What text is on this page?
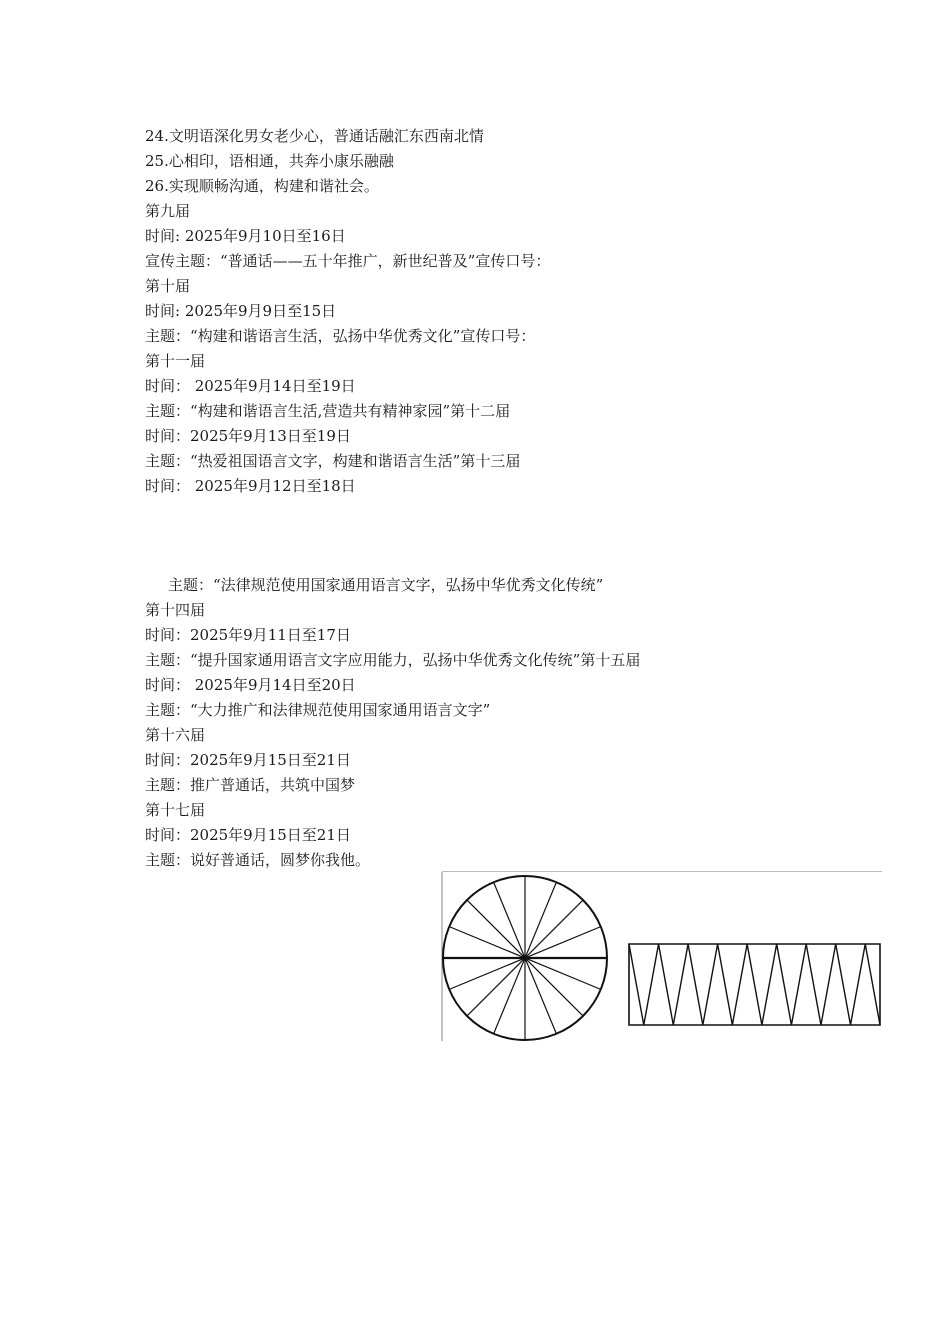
24.文明语深化男女老少心，普通话融汇东西南北情
25.心相印，语相通，共奔小康乐融融
26.实现顺畅沟通，构建和谐社会。
第九届
时间: 2025年9月10日至16日
宣传主题：“普通话——五十年推广，新世纪普及”宣传口号：
第十届
时间: 2025年9月9日至15日
主题：“构建和谐语言生活，弘扬中华优秀文化”宣传口号：
第十一届
时间： 2025年9月14日至19日
主题：“构建和谐语言生活,营造共有精神家园”第十二届
时间：2025年9月13日至19日
主题：“热爱祖国语言文字，构建和谐语言生活”第十三届
时间： 2025年9月12日至18日
主题：“法律规范使用国家通用语言文字，弘扬中华优秀文化传统”
第十四届
时间：2025年9月11日至17日
主题：“提升国家通用语言文字应用能力，弘扬中华优秀文化传统”第十五届
时间： 2025年9月14日至20日
主题：“大力推广和法律规范使用国家通用语言文字”
第十六届
时间：2025年9月15日至21日
主题：推广普通话，共筑中国梦
第十七届
时间：2025年9月15日至21日
主题：说好普通话，圆梦你我他。
